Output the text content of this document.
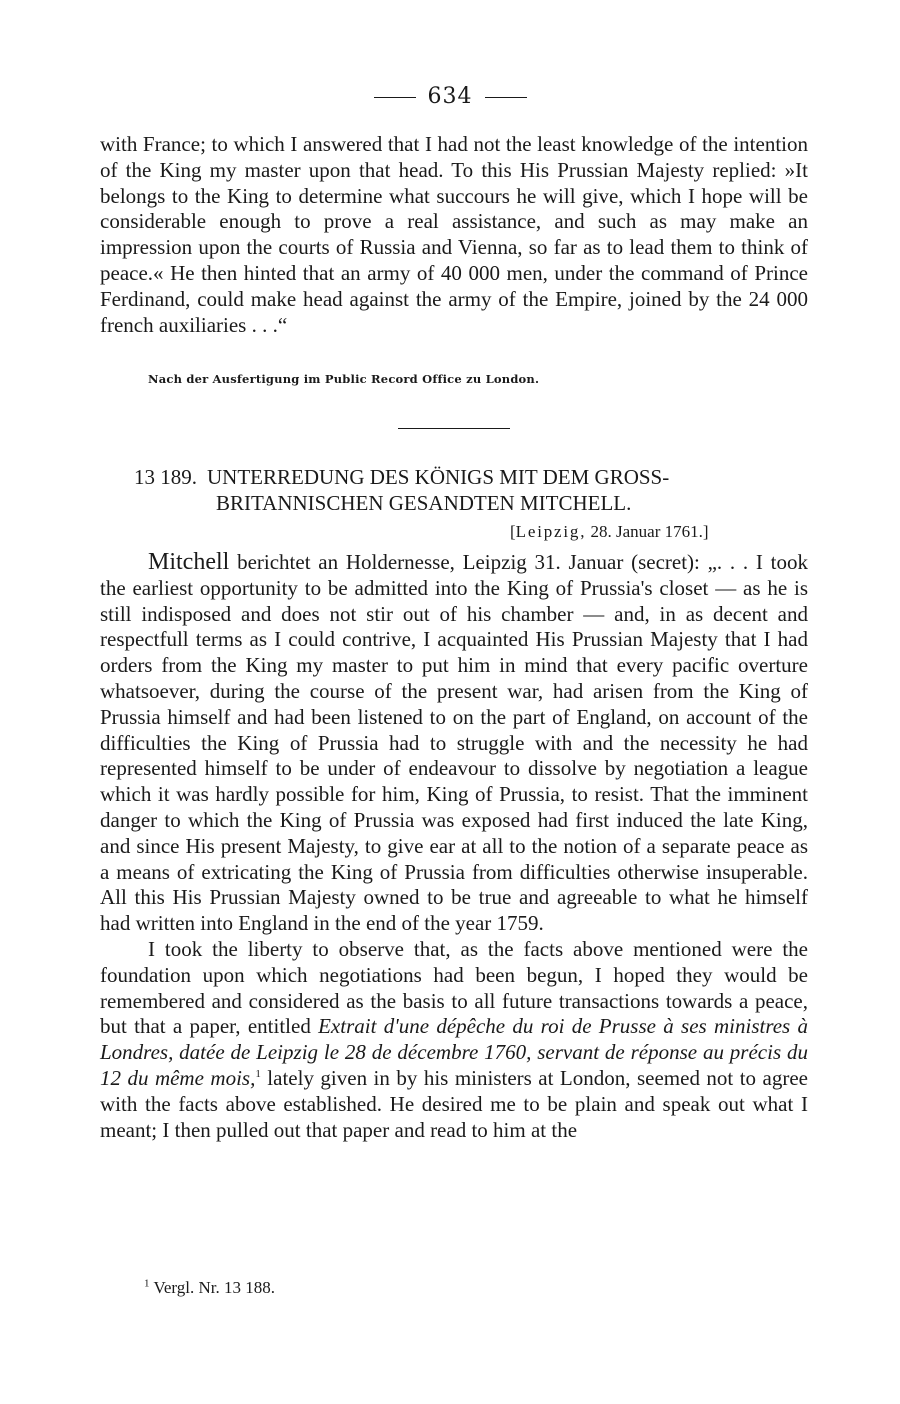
634

with France; to which I answered that I had not the least knowledge of the intention of the King my master upon that head. To this His Prussian Majesty replied: »It belongs to the King to determine what succours he will give, which I hope will be considerable enough to prove a real assistance, and such as may make an impression upon the courts of Russia and Vienna, so far as to lead them to think of peace.« He then hinted that an army of 40 000 men, under the command of Prince Ferdinand, could make head against the army of the Empire, joined by the 24 000 french auxiliaries . . .“

Nach der Ausfertigung im Public Record Office zu London.
13 189. UNTERREDUNG DES KÖNIGS MIT DEM GROSS-
BRITANNISCHEN GESANDTEN MITCHELL.
[Leipzig, 28. Januar 1761.]

Mitchell berichtet an Holdernesse, Leipzig 31. Januar (secret): „. . . I took the earliest opportunity to be admitted into the King of Prussia's closet — as he is still indisposed and does not stir out of his chamber — and, in as decent and respectfull terms as I could contrive, I acquainted His Prussian Majesty that I had orders from the King my master to put him in mind that every pacific overture whatsoever, during the course of the present war, had arisen from the King of Prussia himself and had been listened to on the part of England, on account of the difficulties the King of Prussia had to struggle with and the necessity he had represented himself to be under of endeavour to dissolve by negotiation a league which it was hardly possible for him, King of Prussia, to resist. That the imminent danger to which the King of Prussia was exposed had first induced the late King, and since His present Majesty, to give ear at all to the notion of a separate peace as a means of extricating the King of Prussia from difficulties otherwise insuperable. All this His Prussian Majesty owned to be true and agreeable to what he himself had written into England in the end of the year 1759.

I took the liberty to observe that, as the facts above mentioned were the foundation upon which negotiations had been begun, I hoped they would be remembered and considered as the basis to all future transactions towards a peace, but that a paper, entitled Extrait d'une dépêche du roi de Prusse à ses ministres à Londres, datée de Leipzig le 28 de décembre 1760, servant de réponse au précis du 12 du même mois,$^1$ lately given in by his ministers at London, seemed not to agree with the facts above established. He desired me to be plain and speak out what I meant; I then pulled out that paper and read to him at the

$^1$ Vergl. Nr. 13 188.
